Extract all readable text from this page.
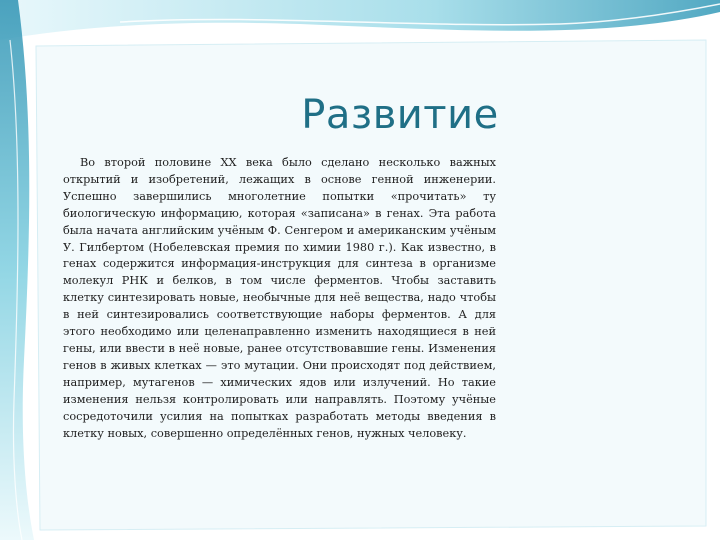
Развитие

Во второй половине XX века было сделано несколько важных открытий и изобретений, лежащих в основе генной инженерии. Успешно завершились многолетние попытки «прочитать» ту биологическую информацию, которая «записана» в генах. Эта работа была начата английским учёным Ф. Сенгером и американским учёным У. Гилбертом (Нобелевская премия по химии 1980 г.). Как известно, в генах содержится информация-инструкция для синтеза в организме молекул РНК и белков, в том числе ферментов. Чтобы заставить клетку синтезировать новые, необычные для неё вещества, надо чтобы в ней синтезировались соответствующие наборы ферментов. А для этого необходимо или целенаправленно изменить находящиеся в ней гены, или ввести в неё новые, ранее отсутствовавшие гены. Изменения генов в живых клетках — это мутации. Они происходят под действием, например, мутагенов — химических ядов или излучений. Но такие изменения нельзя контролировать или направлять. Поэтому учёные сосредоточили усилия на попытках разработать методы введения в клетку новых, совершенно определённых генов, нужных человеку.
